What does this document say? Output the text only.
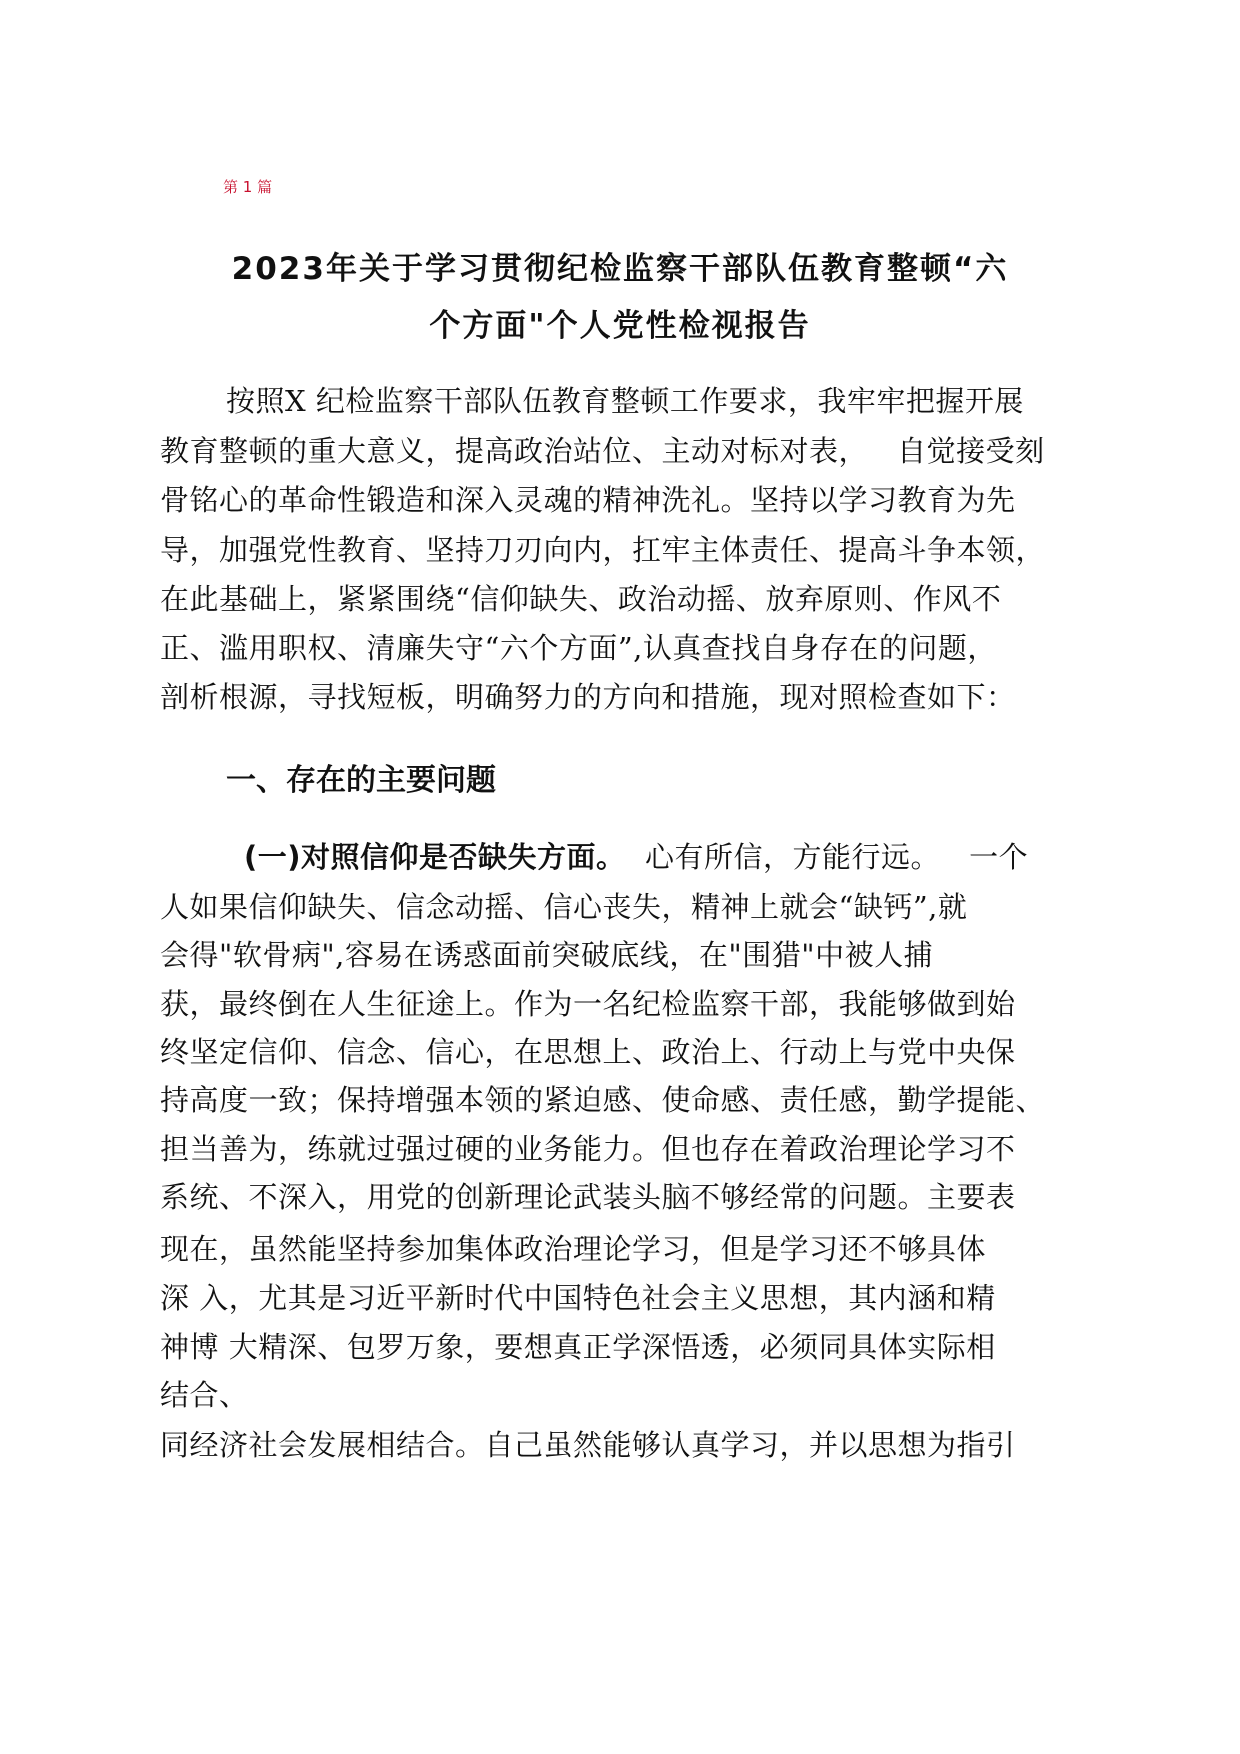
第 1 篇
2023年关于学习贯彻纪检监察干部队伍教育整顿“六
个方面"个人党性检视报告
按照X 纪检监察干部队伍教育整顿工作要求，我牢牢把握开展
教育整顿的重大意义，提高政治站位、主动对标对表，   自觉接受刻
骨铭心的革命性锻造和深入灵魂的精神洗礼。坚持以学习教育为先
导，加强党性教育、坚持刀刃向内，扛牢主体责任、提高斗争本领，
在此基础上，紧紧围绕“信仰缺失、政治动摇、放弃原则、作风不
正、滥用职权、清廉失守“六个方面”,认真查找自身存在的问题，
剖析根源，寻找短板，明确努力的方向和措施，现对照检查如下：
一、存在的主要问题
(一)对照信仰是否缺失方面。  心有所信，方能行远。   一个
人如果信仰缺失、信念动摇、信心丧失，精神上就会“缺钙”,就
会得"软骨病",容易在诱惑面前突破底线，在"围猎"中被人捕
获，最终倒在人生征途上。作为一名纪检监察干部，我能够做到始
终坚定信仰、信念、信心，在思想上、政治上、行动上与党中央保
持高度一致；保持增强本领的紧迫感、使命感、责任感，勤学提能、
担当善为，练就过强过硬的业务能力。但也存在着政治理论学习不
系统、不深入，用党的创新理论武装头脑不够经常的问题。主要表
现在，虽然能坚持参加集体政治理论学习，但是学习还不够具体
深 入，尤其是习近平新时代中国特色社会主义思想，其内涵和精
神博 大精深、包罗万象，要想真正学深悟透，必须同具体实际相
结合、
同经济社会发展相结合。自己虽然能够认真学习，并以思想为指引
